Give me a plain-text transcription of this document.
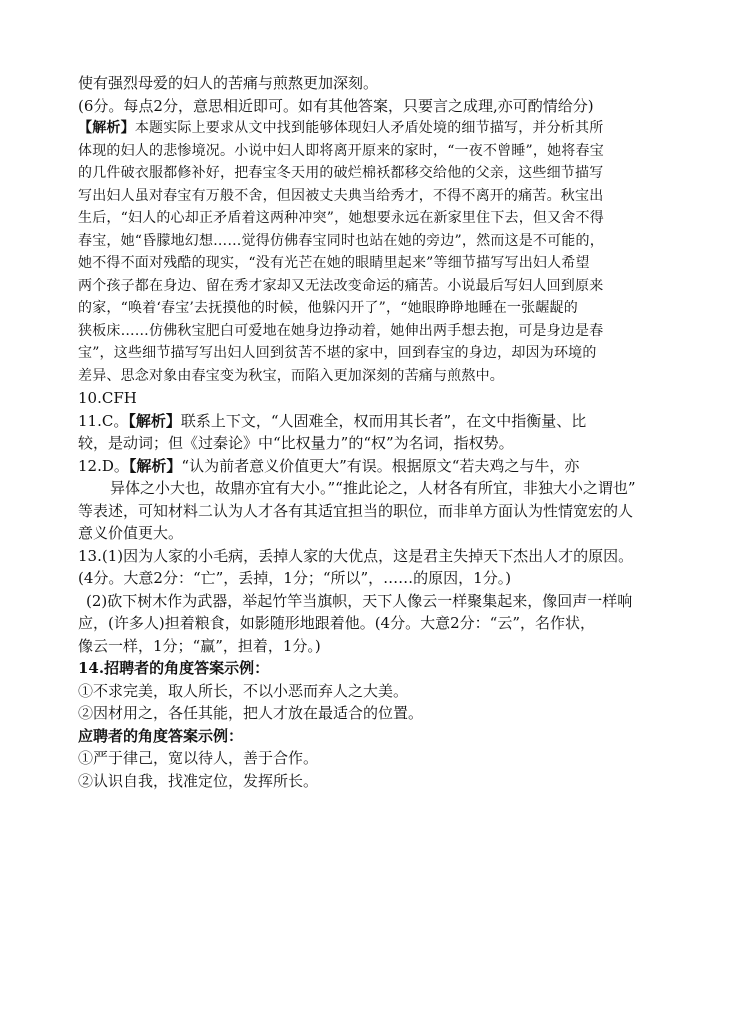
使有强烈母爱的妇人的苦痛与煎熬更加深刻。
(6分。每点2分，意思相近即可。如有其他答案，只要言之成理,亦可酌情给分)
【解析】本题实际上要求从文中找到能够体现妇人矛盾处境的细节描写，并分析其所
体现的妇人的悲惨境况。小说中妇人即将离开原来的家时，“一夜不曾睡”，她将春宝
的几件破衣服都修补好，把春宝冬天用的破烂棉袄都移交给他的父亲，这些细节描写
写出妇人虽对春宝有万般不舍，但因被丈夫典当给秀才，不得不离开的痛苦。秋宝出
生后，“妇人的心却正矛盾着这两种冲突”，她想要永远在新家里住下去，但又舍不得
春宝，她“昏朦地幻想……觉得仿佛春宝同时也站在她的旁边”，然而这是不可能的，
她不得不面对残酷的现实，“没有光芒在她的眼睛里起来”等细节描写写出妇人希望
两个孩子都在身边、留在秀才家却又无法改变命运的痛苦。小说最后写妇人回到原来
的家，“唤着‘春宝’去抚摸他的时候，他躲闪开了”，“她眼睁睁地睡在一张龌龊的
狭板床……仿佛秋宝肥白可爱地在她身边挣动着，她伸出两手想去抱，可是身边是春
宝”，这些细节描写写出妇人回到贫苦不堪的家中，回到春宝的身边，却因为环境的
差异、思念对象由春宝变为秋宝，而陷入更加深刻的苦痛与煎熬中。
10.CFH
11.C。【解析】联系上下文，“人固难全，权而用其长者”，在文中指衡量、比
较，是动词；但《过秦论》中“比权量力”的“权”为名词，指权势。
12.D。【解析】“认为前者意义价值更大”有误。根据原文“若夫鸡之与牛，亦
异体之小大也，故鼎亦宜有大小。”“推此论之，人材各有所宜，非独大小之谓也”
等表述，可知材料二认为人才各有其适宜担当的职位，而非单方面认为性情宽宏的人
意义价值更大。
13.(1)因为人家的小毛病，丢掉人家的大优点，这是君主失掉天下杰出人才的原因。
(4分。大意2分：“亡”，丢掉，1分；“所以”，……的原因，1分。)
(2)砍下树木作为武器，举起竹竿当旗帜，天下人像云一样聚集起来，像回声一样响
应，(许多人)担着粮食，如影随形地跟着他。(4分。大意2分：“云”，名作状，
像云一样，1分；“赢”，担着，1分。)
14.招聘者的角度答案示例：
①不求完美，取人所长，不以小恶而弃人之大美。
②因材用之，各任其能，把人才放在最适合的位置。
应聘者的角度答案示例：
①严于律己，宽以待人，善于合作。
②认识自我，找准定位，发挥所长。
